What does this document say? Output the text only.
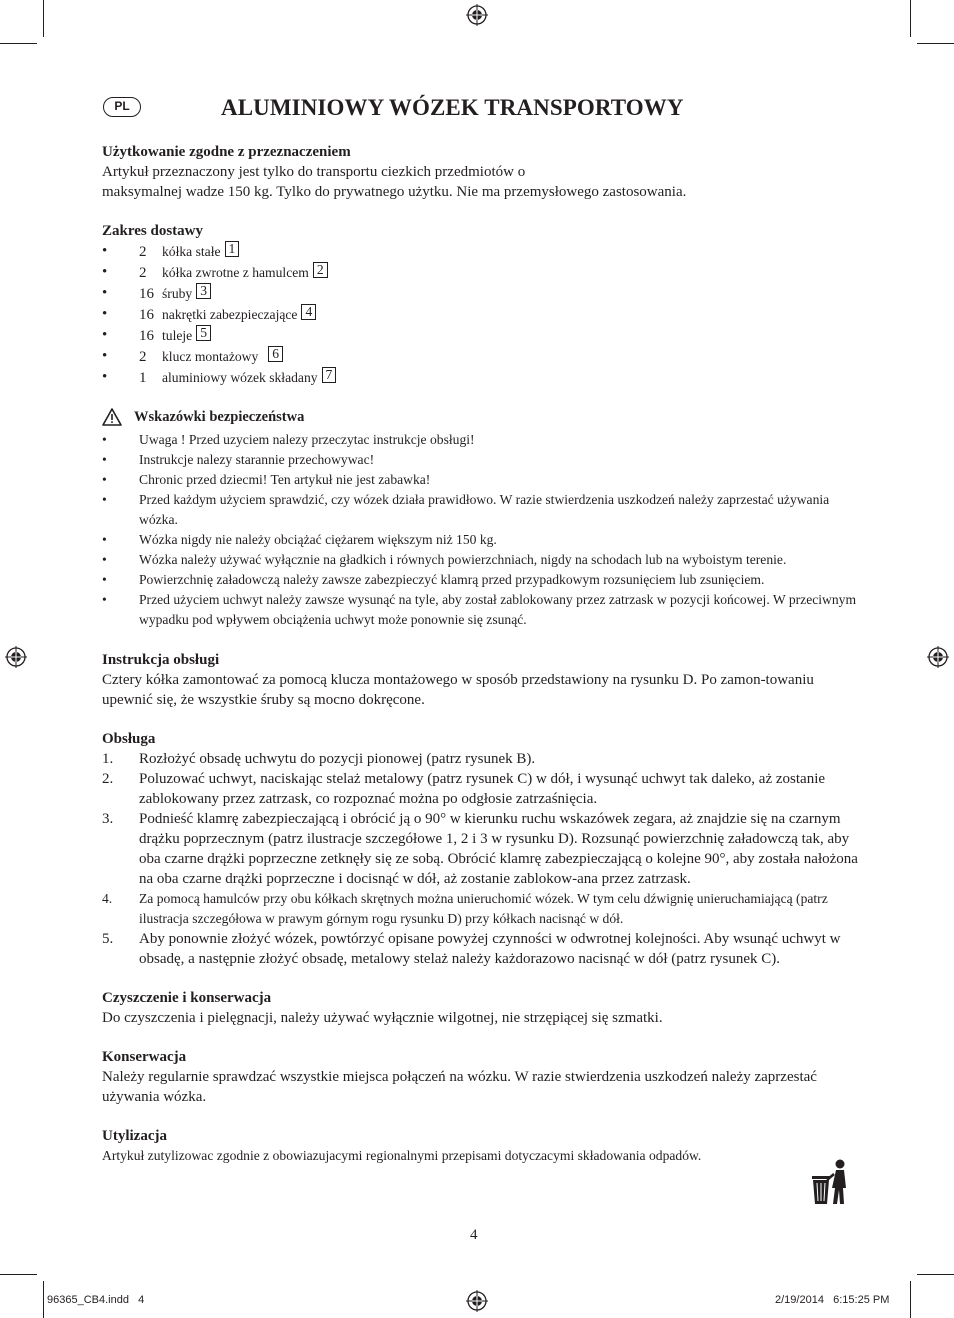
PL	ALUMINIOWY WÓZEK TRANSPORTOWY
Użytkowanie zgodne z przeznaczeniem

Artykuł przeznaczony jest tylko do transportu ciezkich przedmiotów o

maksymalnej wadze 150 kg. Tylko do prywatnego użytku. Nie ma przemysłowego zastosowania.

Zakres dostawy
• 2 kółka stałe 1
• 2 kółka zwrotne z hamulcem 2
• 16 śruby 3
• 16 nakrętki zabezpieczające 4
• 16 tuleje 5
• 2 klucz montażowy 6
• 1 aluminiowy wózek składany 7
Wskazówki bezpieczeństwa
• Uwaga ! Przed uzyciem nalezy przeczytac instrukcje obsługi!
• Instrukcje nalezy starannie przechowywac!
• Chronic przed dziecmi! Ten artykuł nie jest zabawka!
• Przed każdym użyciem sprawdzić, czy wózek działa prawidłowo. W razie stwierdzenia uszkodzeń należy zaprzestać używania wózka.
• Wózka nigdy nie należy obciążać ciężarem większym niż 150 kg.
• Wózka należy używać wyłącznie na gładkich i równych powierzchniach, nigdy na schodach lub na wyboistym terenie.
• Powierzchnię załadowczą należy zawsze zabezpieczyć klamrą przed przypadkowym rozsunięciem lub zsunięciem.
• Przed użyciem uchwyt należy zawsze wysunąć na tyle, aby został zablokowany przez zatrzask w pozycji końcowej. W przeciwnym wypadku pod wpływem obciążenia uchwyt może ponownie się zsunąć.
Instrukcja obsługi

Cztery kółka zamontować za pomocą klucza montażowego w sposób przedstawiony na rysunku D. Po zamon-towaniu upewnić się, że wszystkie śruby są mocno dokręcone.

Obsługa
1. Rozłożyć obsadę uchwytu do pozycji pionowej (patrz rysunek B).
2. Poluzować uchwyt, naciskając stelaż metalowy (patrz rysunek C) w dół, i wysunąć uchwyt tak daleko, aż zostanie zablokowany przez zatrzask, co rozpoznać można po odgłosie zatrzaśnięcia.
3. Podnieść klamrę zabezpieczającą i obrócić ją o 90° w kierunku ruchu wskazówek zegara, aż znajdzie się na czarnym drążku poprzecznym (patrz ilustracje szczegółowe 1, 2 i 3 w rysunku D). Rozsunąć powierzchnię załadowczą tak, aby oba czarne drążki poprzeczne zetknęły się ze sobą. Obrócić klamrę zabezpieczającą o kolejne 90°, aby została nałożona na oba czarne drążki poprzeczne i docisnąć w dół, aż zostanie zablokow-ana przez zatrzask.
4. Za pomocą hamulców przy obu kółkach skrętnych można unieruchomić wózek. W tym celu dźwignię unieruchamiającą (patrz ilustracja szczegółowa w prawym górnym rogu rysunku D) przy kółkach nacisnąć w dół.
5. Aby ponownie złożyć wózek, powtórzyć opisane powyżej czynności w odwrotnej kolejności. Aby wsunąć uchwyt w obsadę, a następnie złożyć obsadę, metalowy stelaż należy każdorazowo nacisnąć w dół (patrz rysunek C).
Czyszczenie i konserwacja

Do czyszczenia i pielęgnacji, należy używać wyłącznie wilgotnej, nie strzępiącej się szmatki.

Konserwacja

Należy regularnie sprawdzać wszystkie miejsca połączeń na wózku. W razie stwierdzenia uszkodzeń należy zaprzestać używania wózka.

Utylizacja

Artykuł zutylizowac zgodnie z obowiazujacymi regionalnymi przepisami dotyczacymi składowania odpadów.

4
96365_CB4.indd   4	2/19/2014   6:15:25 PM
